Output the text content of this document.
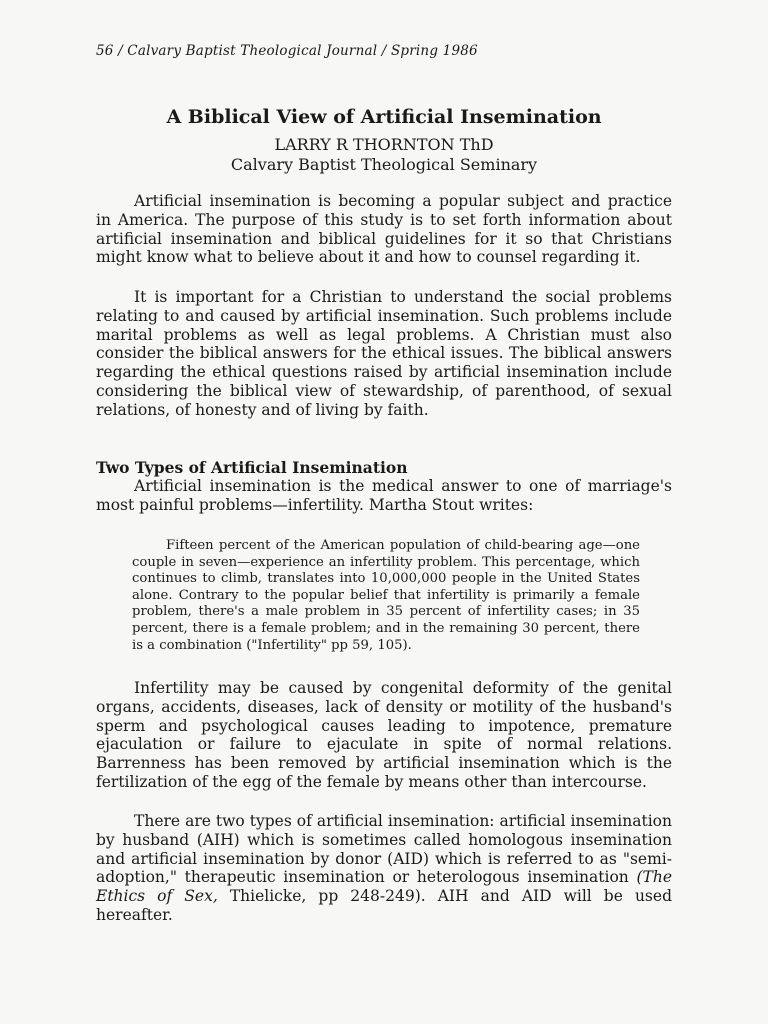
56 / Calvary Baptist Theological Journal / Spring 1986
A Biblical View of Artificial Insemination
LARRY R THORNTON ThD
Calvary Baptist Theological Seminary

Artificial insemination is becoming a popular subject and practice in America. The purpose of this study is to set forth information about artificial insemination and biblical guidelines for it so that Christians might know what to believe about it and how to counsel regarding it.

It is important for a Christian to understand the social problems relating to and caused by artificial insemination. Such problems include marital problems as well as legal problems. A Christian must also consider the biblical answers for the ethical issues. The biblical answers regarding the ethical questions raised by artificial insemination include considering the biblical view of stewardship, of parenthood, of sexual relations, of honesty and of living by faith.

Two Types of Artificial Insemination

Artificial insemination is the medical answer to one of marriage's most painful problems—infertility. Martha Stout writes:

Fifteen percent of the American population of child-bearing age—one couple in seven—experience an infertility problem. This percentage, which continues to climb, translates into 10,000,000 people in the United States alone. Contrary to the popular belief that infertility is primarily a female problem, there's a male problem in 35 percent of infertility cases; in 35 percent, there is a female problem; and in the remaining 30 percent, there is a combination ("Infertility" pp 59, 105).

Infertility may be caused by congenital deformity of the genital organs, accidents, diseases, lack of density or motility of the husband's sperm and psychological causes leading to impotence, premature ejaculation or failure to ejaculate in spite of normal relations. Barrenness has been removed by artificial insemination which is the fertilization of the egg of the female by means other than intercourse.

There are two types of artificial insemination: artificial insemination by husband (AIH) which is sometimes called homologous insemination and artificial insemination by donor (AID) which is referred to as "semi-adoption," therapeutic insemination or heterologous insemination (The Ethics of Sex, Thielicke, pp 248-249). AIH and AID will be used hereafter.
